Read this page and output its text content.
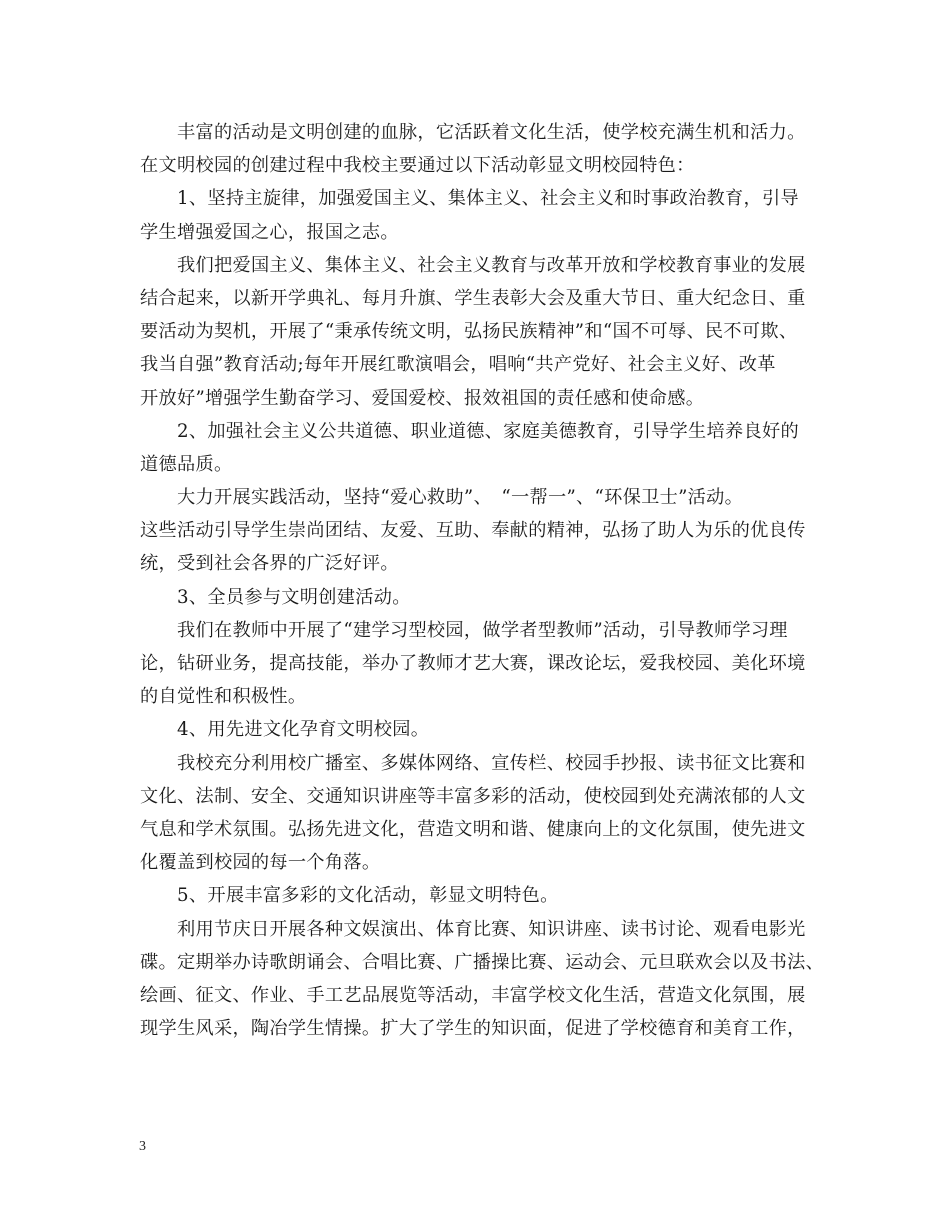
丰富的活动是文明创建的血脉，它活跃着文化生活，使学校充满生机和活力。
在文明校园的创建过程中我校主要通过以下活动彰显文明校园特色：
1、坚持主旋律，加强爱国主义、集体主义、社会主义和时事政治教育，引导
学生增强爱国之心，报国之志。
我们把爱国主义、集体主义、社会主义教育与改革开放和学校教育事业的发展
结合起来，以新开学典礼、每月升旗、学生表彰大会及重大节日、重大纪念日、重
要活动为契机，开展了“秉承传统文明，弘扬民族精神”和“国不可辱、民不可欺、
我当自强”教育活动;每年开展红歌演唱会，唱响“共产党好、社会主义好、改革
开放好”增强学生勤奋学习、爱国爱校、报效祖国的责任感和使命感。
2、加强社会主义公共道德、职业道德、家庭美德教育，引导学生培养良好的
道德品质。
大力开展实践活动，坚持“爱心救助”、　“一帮一”、“环保卫士”活动。
这些活动引导学生崇尚团结、友爱、互助、奉献的精神，弘扬了助人为乐的优良传
统，受到社会各界的广泛好评。
3、全员参与文明创建活动。
我们在教师中开展了“建学习型校园，做学者型教师”活动，引导教师学习理
论，钻研业务，提高技能，举办了教师才艺大赛，课改论坛，爱我校园、美化环境
的自觉性和积极性。
4、用先进文化孕育文明校园。
我校充分利用校广播室、多媒体网络、宣传栏、校园手抄报、读书征文比赛和
文化、法制、安全、交通知识讲座等丰富多彩的活动，使校园到处充满浓郁的人文
气息和学术氛围。弘扬先进文化，营造文明和谐、健康向上的文化氛围，使先进文
化覆盖到校园的每一个角落。
5、开展丰富多彩的文化活动，彰显文明特色。
利用节庆日开展各种文娱演出、体育比赛、知识讲座、读书讨论、观看电影光
碟。定期举办诗歌朗诵会、合唱比赛、广播操比赛、运动会、元旦联欢会以及书法、
绘画、征文、作业、手工艺品展览等活动，丰富学校文化生活，营造文化氛围，展
现学生风采，陶冶学生情操。扩大了学生的知识面，促进了学校德育和美育工作，
3
